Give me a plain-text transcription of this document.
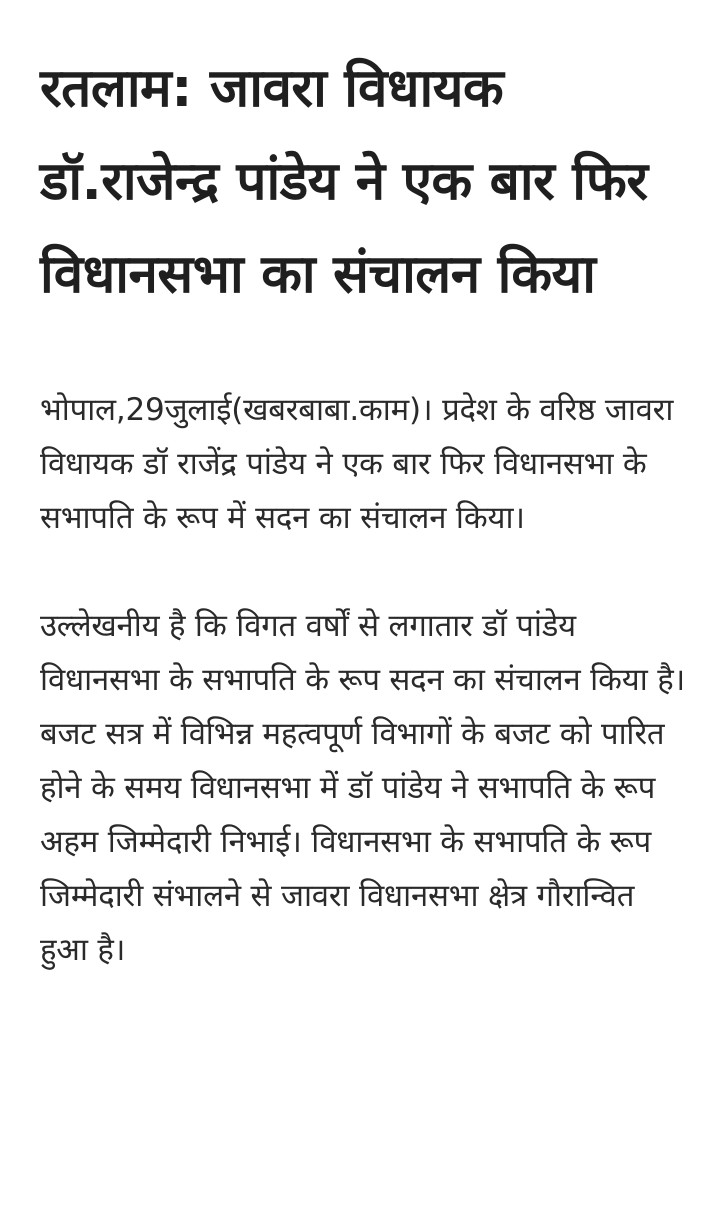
रतलाम: जावरा विधायक डॉ.राजेन्द्र पांडेय ने एक बार फिर विधानसभा का संचालन किया

भोपाल,29जुलाई(खबरबाबा.काम)। प्रदेश के वरिष्ठ जावरा विधायक डॉ राजेंद्र पांडेय ने एक बार फिर विधानसभा के सभापति के रूप में सदन का संचालन किया।

उल्लेखनीय है कि विगत वर्षों से लगातार डॉ पांडेय विधानसभा के सभापति के रूप सदन का संचालन किया है। बजट सत्र में विभिन्न महत्वपूर्ण विभागों के बजट को पारित होने के समय विधानसभा में डॉ पांडेय ने सभापति के रूप अहम जिम्मेदारी निभाई। विधानसभा के सभापति के रूप जिम्मेदारी संभालने से जावरा विधानसभा क्षेत्र गौरान्वित हुआ है।
